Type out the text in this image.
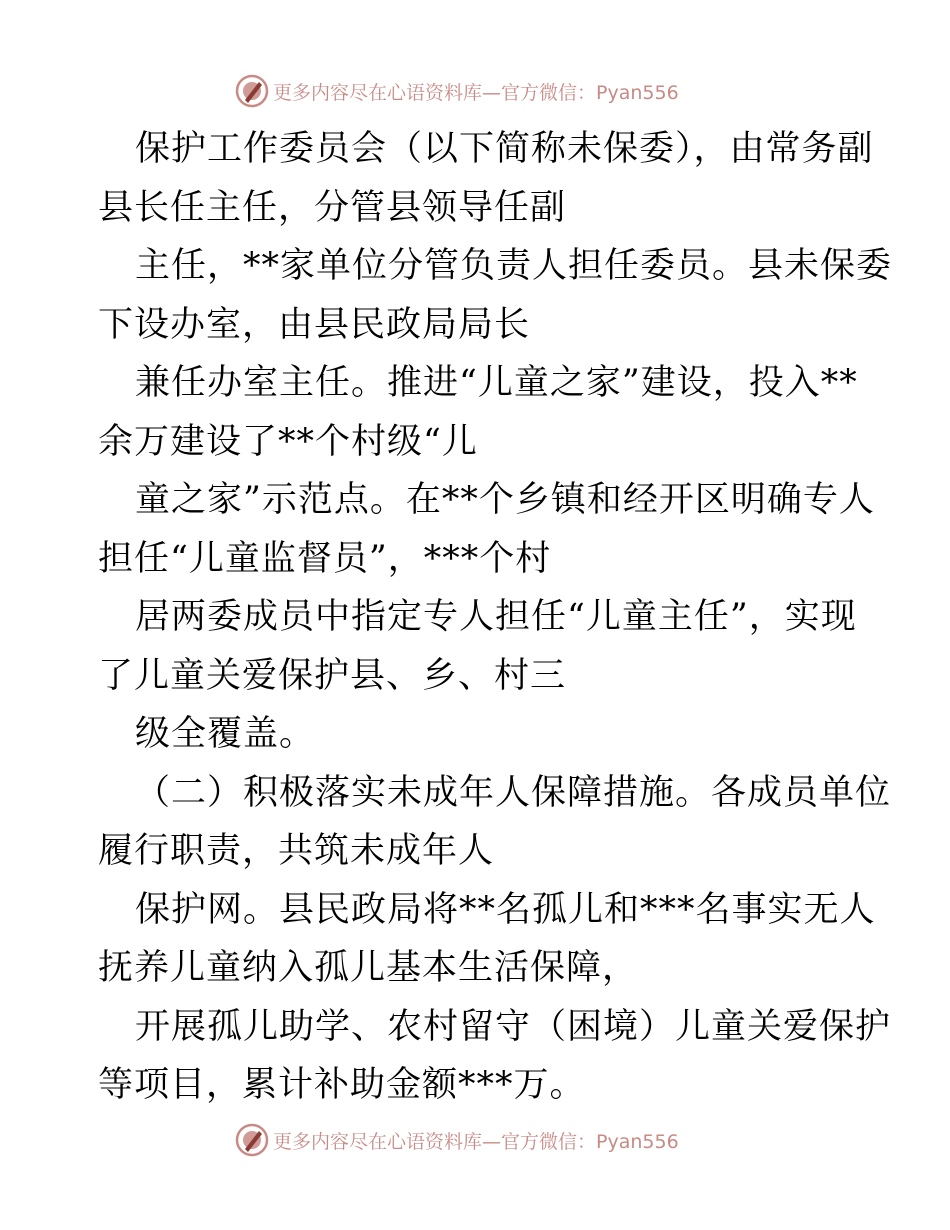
更多内容尽在心语资料库—官方微信：Pyan556
保护工作委员会（以下简称未保委），由常务副
县长任主任，分管县领导任副
主任，**家单位分管负责人担任委员。县未保委
下设办室，由县民政局局长
兼任办室主任。推进“儿童之家”建设，投入**
余万建设了**个村级“儿
童之家”示范点。在**个乡镇和经开区明确专人
担任“儿童监督员”，***个村
居两委成员中指定专人担任“儿童主任”，实现
了儿童关爱保护县、乡、村三
级全覆盖。
（二）积极落实未成年人保障措施。各成员单位
履行职责，共筑未成年人
保护网。县民政局将**名孤儿和***名事实无人
抚养儿童纳入孤儿基本生活保障，
开展孤儿助学、农村留守（困境）儿童关爱保护
等项目，累计补助金额***万。
更多内容尽在心语资料库—官方微信：Pyan556
